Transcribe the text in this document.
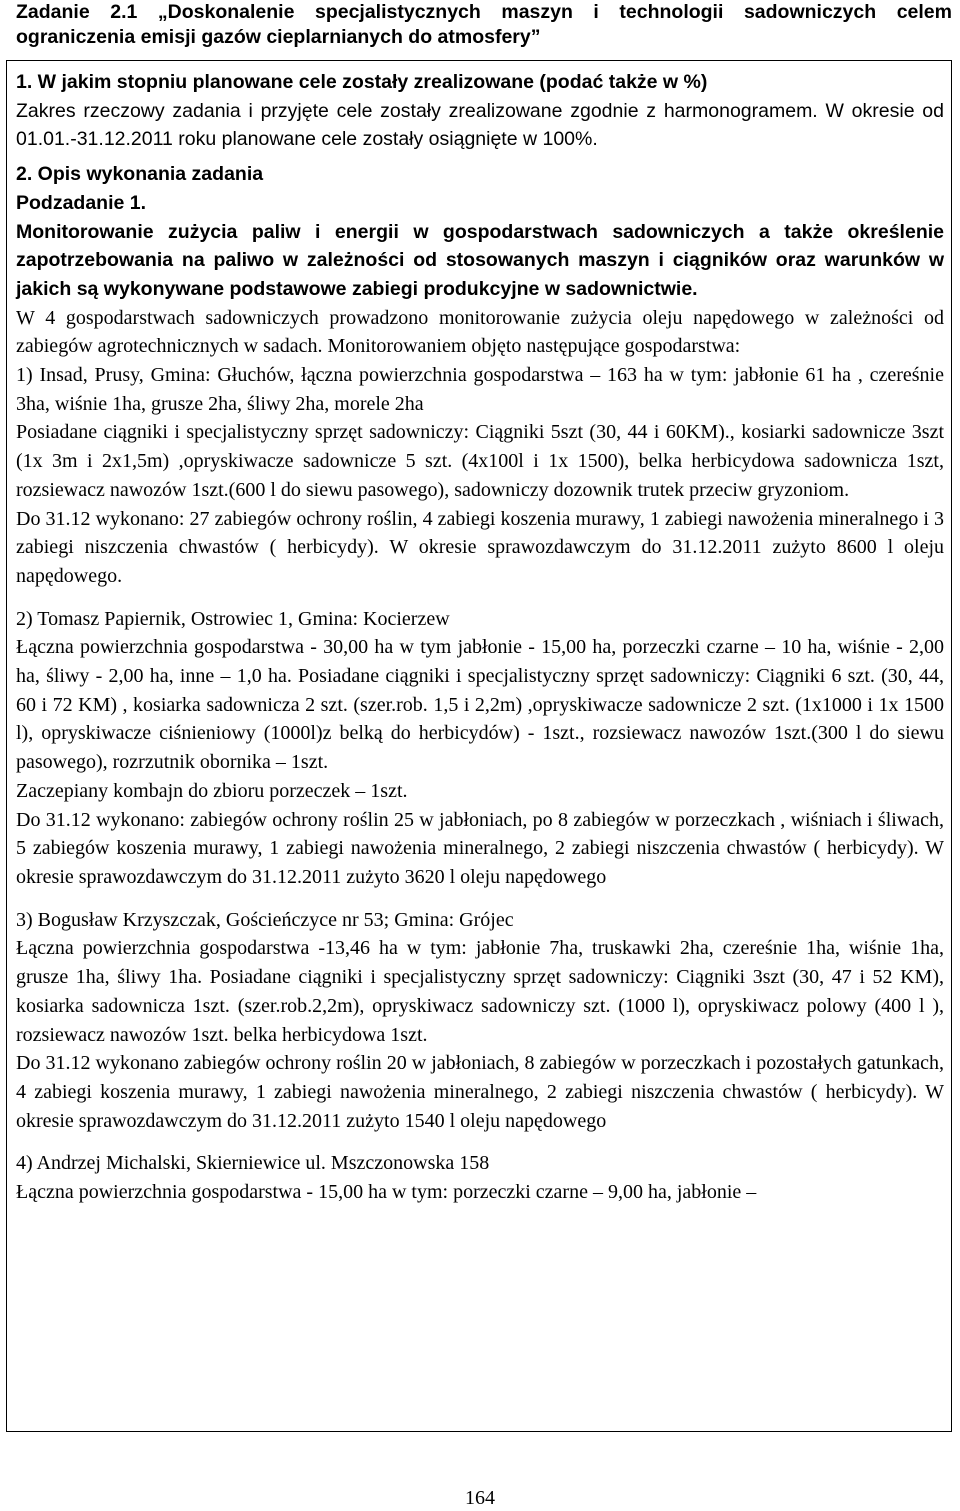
Zadanie 2.1 „Doskonalenie specjalistycznych maszyn i technologii sadowniczych celem ograniczenia emisji gazów cieplarnianych do atmosfery”

1. W jakim stopniu planowane cele zostały zrealizowane (podać także w %)

Zakres rzeczowy zadania i przyjęte cele zostały zrealizowane zgodnie z harmonogramem. W okresie od 01.01.-31.12.2011 roku planowane cele zostały osiągnięte w 100%.

2. Opis wykonania zadania

Podzadanie 1.

Monitorowanie zużycia paliw i energii w gospodarstwach sadowniczych a także określenie zapotrzebowania na paliwo w zależności od stosowanych maszyn i ciągników oraz warunków w jakich są wykonywane podstawowe zabiegi produkcyjne w sadownictwie.

W 4 gospodarstwach sadowniczych prowadzono monitorowanie zużycia oleju napędowego w zależności od zabiegów agrotechnicznych w sadach. Monitorowaniem objęto następujące gospodarstwa:

1) Insad, Prusy, Gmina: Głuchów, łączna powierzchnia gospodarstwa – 163 ha w tym: jabłonie 61 ha , czereśnie 3ha, wiśnie 1ha, grusze 2ha, śliwy 2ha, morele 2ha

Posiadane ciągniki i specjalistyczny sprzęt sadowniczy: Ciągniki 5szt (30, 44 i 60KM)., kosiarki sadownicze 3szt (1x 3m i 2x1,5m) ,opryskiwacze sadownicze 5 szt. (4x100l i 1x 1500), belka herbicydowa sadownicza 1szt, rozsiewacz nawozów 1szt.(600 l do siewu pasowego), sadowniczy dozownik trutek przeciw gryzoniom.

Do 31.12 wykonano: 27 zabiegów ochrony roślin, 4 zabiegi koszenia murawy, 1 zabiegi nawożenia mineralnego i 3 zabiegi niszczenia chwastów ( herbicydy). W okresie sprawozdawczym do 31.12.2011 zużyto 8600 l oleju napędowego.

2) Tomasz Papiernik, Ostrowiec 1, Gmina: Kocierzew

Łączna powierzchnia gospodarstwa - 30,00 ha w tym jabłonie - 15,00 ha, porzeczki czarne – 10 ha, wiśnie - 2,00 ha, śliwy - 2,00 ha, inne – 1,0 ha. Posiadane ciągniki i specjalistyczny sprzęt sadowniczy: Ciągniki 6 szt. (30, 44, 60 i 72 KM) , kosiarka sadownicza 2 szt. (szer.rob. 1,5 i 2,2m) ,opryskiwacze sadownicze 2 szt. (1x1000 i 1x 1500 l), opryskiwacze ciśnieniowy (1000l)z belką do herbicydów) - 1szt., rozsiewacz nawozów 1szt.(300 l do siewu pasowego), rozrzutnik obornika – 1szt.

Zaczepiany kombajn do zbioru porzeczek – 1szt.

Do 31.12 wykonano: zabiegów ochrony roślin 25 w jabłoniach, po 8 zabiegów w porzeczkach , wiśniach i śliwach, 5 zabiegów koszenia murawy, 1 zabiegi nawożenia mineralnego, 2 zabiegi niszczenia chwastów ( herbicydy). W okresie sprawozdawczym do 31.12.2011 zużyto 3620 l oleju napędowego

3) Bogusław Krzyszczak, Gościeńczyce nr 53; Gmina: Grójec

Łączna powierzchnia gospodarstwa -13,46 ha w tym: jabłonie 7ha, truskawki 2ha, czereśnie 1ha, wiśnie 1ha, grusze 1ha, śliwy 1ha. Posiadane ciągniki i specjalistyczny sprzęt sadowniczy: Ciągniki 3szt (30, 47 i 52 KM), kosiarka sadownicza 1szt. (szer.rob.2,2m), opryskiwacz sadowniczy szt. (1000 l), opryskiwacz polowy (400 l ), rozsiewacz nawozów 1szt. belka herbicydowa 1szt.

Do 31.12 wykonano zabiegów ochrony roślin 20 w jabłoniach, 8 zabiegów w porzeczkach i pozostałych gatunkach, 4 zabiegi koszenia murawy, 1 zabiegi nawożenia mineralnego, 2 zabiegi niszczenia chwastów ( herbicydy). W okresie sprawozdawczym do 31.12.2011 zużyto 1540 l oleju napędowego

4) Andrzej Michalski, Skierniewice ul. Mszczonowska 158

Łączna powierzchnia gospodarstwa - 15,00 ha w tym: porzeczki czarne – 9,00 ha, jabłonie –

164
